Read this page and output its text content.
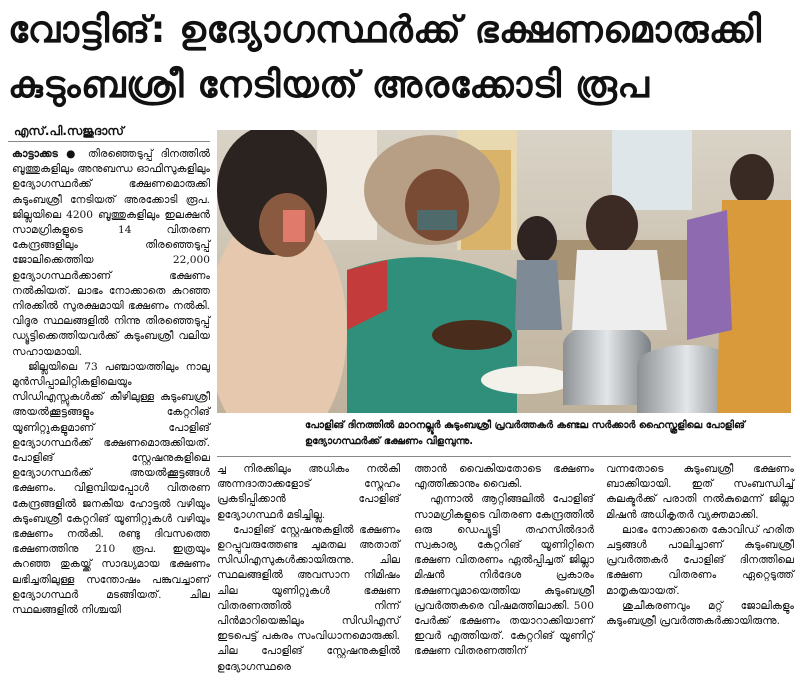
വോട്ടിങ്: ഉദ്യോഗസ്ഥർക്ക് ഭക്ഷണമൊരുക്കി
കുടുംബശ്രീ നേടിയത് അരക്കോടി രൂപ
എസ്.പി.സജുദാസ്

കാട്ടാക്കട ● തിരഞ്ഞെടുപ്പ് ദിനത്തിൽ ബൂത്തുകളിലും അനുബന്ധ ഓഫിസുകളിലും ഉദ്യോഗസ്ഥർക്ക് ഭക്ഷണമൊരുക്കി കുടുംബശ്രീ നേടിയത് അരക്കോടി രൂപ. ജില്ലയിലെ 4200 ബൂത്തുകളിലും ഇലക്ഷൻ സാമഗ്രികളുടെ 14 വിതരണ കേന്ദ്രങ്ങളിലും തിരഞ്ഞെടുപ്പ് ജോലിക്കെത്തിയ 22,000 ഉദ്യോഗസ്ഥർക്കാണ് ഭക്ഷണം നൽകിയത്. ലാഭം നോക്കാതെ കുറഞ്ഞ നിരക്കിൽ സുരക്ഷമായി ഭക്ഷണം നൽകി. വിദൂര സ്ഥലങ്ങളിൽ നിന്നു തിരഞ്ഞെടുപ്പ് ഡ്യൂട്ടിക്കെത്തിയവർക്ക് കുടുംബശ്രീ വലിയ സഹായമായി.

ജില്ലയിലെ 73 പഞ്ചായത്തിലും നാലു മുൻസിപ്പാലിറ്റികളിലെയും സിഡിഎസ്സുകൾക്ക് കീഴിലുള്ള കുടുംബശ്രീ അയൽക്കൂട്ടങ്ങളും കേറ്ററിങ് യൂണിറ്റുകളുമാണ് പോളിങ് ഉദ്യോഗസ്ഥർക്ക് ഭക്ഷണമൊരുക്കിയത്. പോളിങ് സ്റ്റേഷനുകളിലെ ഉദ്യോഗസ്ഥർക്ക് അയൽക്കൂട്ടങ്ങൾ ഭക്ഷണം. വിളമ്പിയപ്പോൾ വിതരണ കേന്ദ്രങ്ങളിൽ ജനകീയ ഹോട്ടൽ വഴിയും കുടുംബശ്രീ കേറ്ററിങ് യൂണിറ്റുകൾ വഴിയും ഭക്ഷണം നൽകി. രണ്ടു ദിവസത്തെ ഭക്ഷണത്തിനു 210 രൂപ. ഇത്രയും കുറഞ്ഞ തുകയ്ക്ക് സാദ്ധ്യമായ ഭക്ഷണം ലഭിച്ചതിലുള്ള സന്തോഷം പങ്കുവച്ചാണ് ഉദ്യോഗസ്ഥർ മടങ്ങിയത്. ചില സ്ഥലങ്ങളിൽ നിശ്ചയി

പോളിങ് ദിനത്തിൽ മാറനല്ലൂർ കുടുംബശ്രീ പ്രവർത്തകർ കണ്ടല സർക്കാർ ഹൈസ്കൂളിലെ പോളിങ് ഉദ്യോഗസ്ഥർക്ക് ഭക്ഷണം വിളമ്പുന്നു.

ച്ച നിരക്കിലും അധികം നൽകി അന്നദാതാക്കളോട് സ്നേഹം പ്രകടിപ്പിക്കാൻ പോളിങ് ഉദ്യോഗസ്ഥർ മടിച്ചില്ല.

പോളിങ് സ്റ്റേഷനുകളിൽ ഭക്ഷണം ഉറപ്പുവരുത്തേണ്ട ചുമതല അതാത് സിഡിഎസുകൾക്കായിരുന്നു. ചില സ്ഥലങ്ങളിൽ അവസാന നിമിഷം ചില യൂണിറ്റുകൾ ഭക്ഷണ വിതരണത്തിൽ നിന്ന് പിൻമാറിയെങ്കിലും സിഡിഎസ് ഇടപെട്ട് പകരം സംവിധാനമൊരുക്കി. ചില പോളിങ് സ്റ്റേഷനുകളിൽ ഉദ്യോഗസ്ഥരെ

ത്താൻ വൈകിയതോടെ ഭക്ഷണം എത്തിക്കാനും വൈകി.

എന്നാൽ ആറ്റിങ്ങലിൽ പോളിങ് സാമഗ്രികളുടെ വിതരണ കേന്ദ്രത്തിൽ ഒരു ഡെപ്യൂട്ടി തഹസിൽദാർ സ്വകാര്യ കേറ്ററിങ് യൂണിറ്റിനെ ഭക്ഷണ വിതരണം ഏൽപ്പിച്ചത് ജില്ലാ മിഷൻ നിർദേശ പ്രകാരം ഭക്ഷണവുമായെത്തിയ കുടുംബശ്രീ പ്രവർത്തകരെ വിഷമത്തിലാക്കി. 500 പേർക്ക് ഭക്ഷണം തയാറാക്കിയാണ് ഇവർ എത്തിയത്. കേറ്ററിങ് യൂണിറ്റ് ഭക്ഷണ വിതരണത്തിന്

വന്നതോടെ കുടുംബശ്രീ ഭക്ഷണം ബാക്കിയായി. ഇത് സംബന്ധിച്ച് കലക്ടർക്ക് പരാതി നൽകുമെന്ന് ജില്ലാ മിഷൻ അധികൃതർ വ്യക്തമാക്കി.

ലാഭം നോക്കാതെ കോവിഡ് ഹരിത ചട്ടങ്ങൾ പാലിച്ചാണ് കുടുംബശ്രീ പ്രവർത്തകർ പോളിങ് ദിനത്തിലെ ഭക്ഷണ വിതരണം ഏറ്റെടുത്ത് മാതൃകയായത്.

ശുചീകരണവും മറ്റ് ജോലികളും കുടുംബശ്രീ പ്രവർത്തകർക്കായിരുന്നു.
